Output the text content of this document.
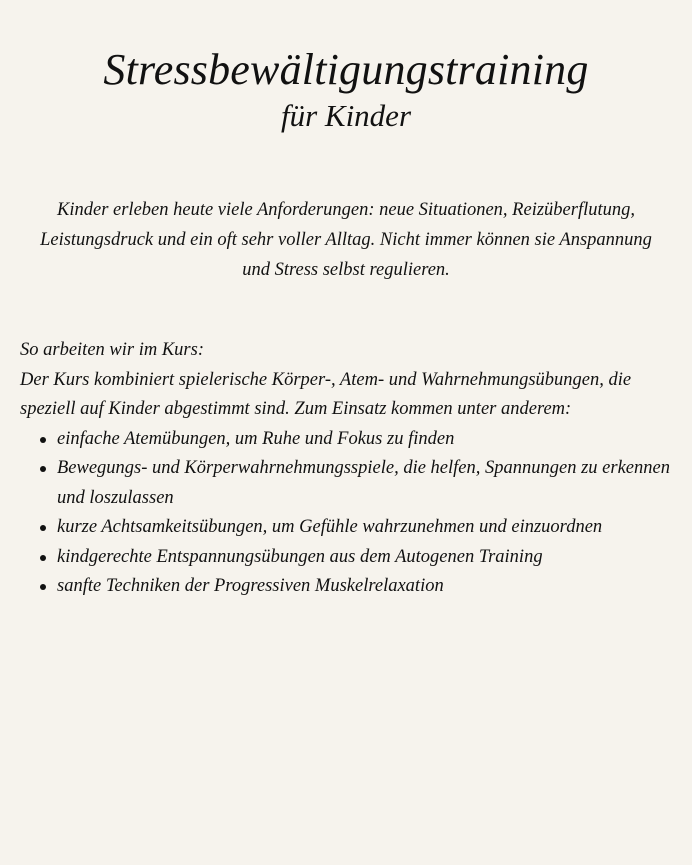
Stressbewältigungstraining
für Kinder

Kinder erleben heute viele Anforderungen: neue Situationen, Reizüberflutung, Leistungsdruck und ein oft sehr voller Alltag. Nicht immer können sie Anspannung und Stress selbst regulieren.

So arbeiten wir im Kurs:

Der Kurs kombiniert spielerische Körper-, Atem- und Wahrnehmungsübungen, die speziell auf Kinder abgestimmt sind. Zum Einsatz kommen unter anderem:

einfache Atemübungen, um Ruhe und Fokus zu finden
Bewegungs- und Körperwahrnehmungsspiele, die helfen, Spannungen zu erkennen und loszulassen
kurze Achtsamkeitsübungen, um Gefühle wahrzunehmen und einzuordnen
kindgerechte Entspannungsübungen aus dem Autogenen Training
sanfte Techniken der Progressiven Muskelrelaxation
